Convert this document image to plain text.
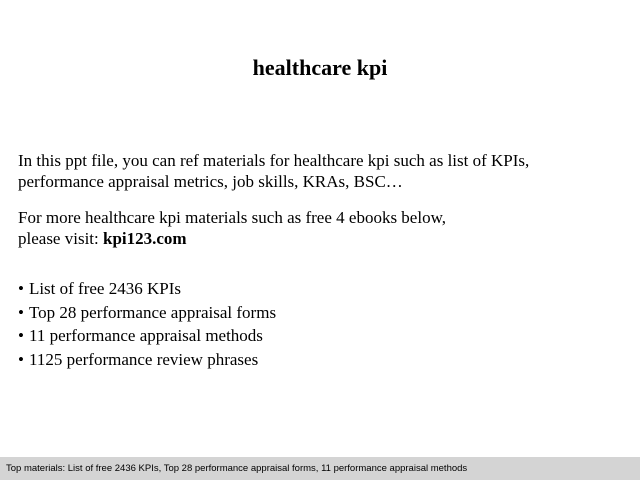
healthcare kpi
In this ppt file, you can ref materials for healthcare kpi such as list of KPIs, performance appraisal metrics, job skills, KRAs, BSC…
For more healthcare kpi materials such as free 4 ebooks below,
please visit: kpi123.com
• List of free 2436 KPIs
• Top 28 performance appraisal forms
• 11 performance appraisal methods
• 1125 performance review phrases
Top materials: List of free 2436 KPIs, Top 28 performance appraisal forms, 11 performance appraisal methods
